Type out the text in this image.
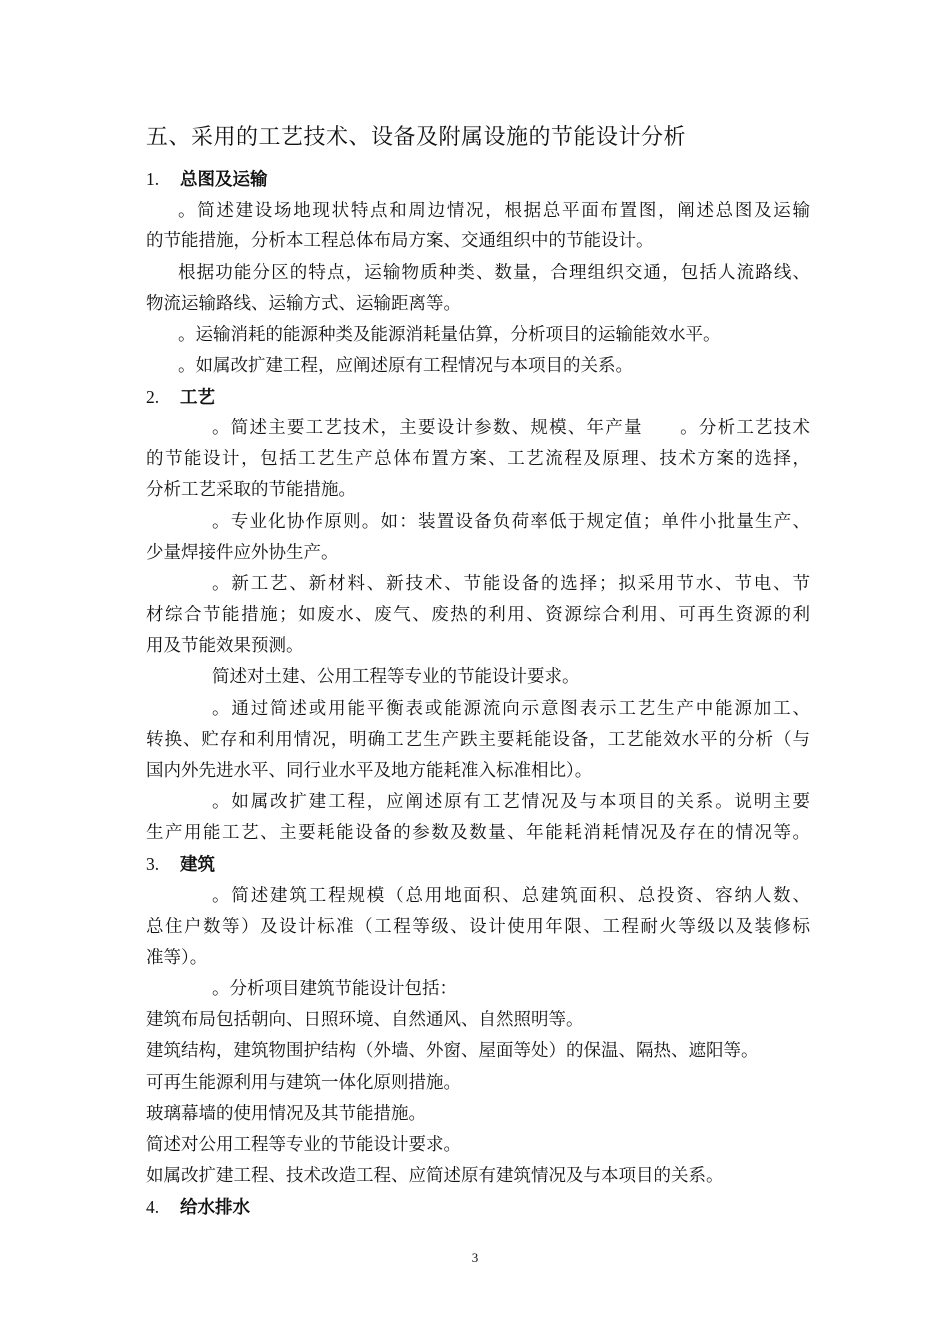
五、采用的工艺技术、设备及附属设施的节能设计分析
1. 总图及运输
。简述建设场地现状特点和周边情况，根据总平面布置图，阐述总图及运输
的节能措施，分析本工程总体布局方案、交通组织中的节能设计。
根据功能分区的特点，运输物质种类、数量，合理组织交通，包括人流路线、
物流运输路线、运输方式、运输距离等。
。运输消耗的能源种类及能源消耗量估算，分析项目的运输能效水平。
。如属改扩建工程，应阐述原有工程情况与本项目的关系。
2. 工艺
。简述主要工艺技术，主要设计参数、规模、年产量　　。分析工艺技术
的节能设计，包括工艺生产总体布置方案、工艺流程及原理、技术方案的选择，
分析工艺采取的节能措施。
。专业化协作原则。如：装置设备负荷率低于规定值；单件小批量生产、
少量焊接件应外协生产。
。新工艺、新材料、新技术、节能设备的选择；拟采用节水、节电、节
材综合节能措施；如废水、废气、废热的利用、资源综合利用、可再生资源的利
用及节能效果预测。
简述对土建、公用工程等专业的节能设计要求。
。通过简述或用能平衡表或能源流向示意图表示工艺生产中能源加工、
转换、贮存和利用情况，明确工艺生产跌主要耗能设备，工艺能效水平的分析（与
国内外先进水平、同行业水平及地方能耗准入标准相比）。
。如属改扩建工程，应阐述原有工艺情况及与本项目的关系。说明主要
生产用能工艺、主要耗能设备的参数及数量、年能耗消耗情况及存在的情况等。
3. 建筑
。简述建筑工程规模（总用地面积、总建筑面积、总投资、容纳人数、
总住户数等）及设计标准（工程等级、设计使用年限、工程耐火等级以及装修标
准等）。
。分析项目建筑节能设计包括：
建筑布局包括朝向、日照环境、自然通风、自然照明等。
建筑结构，建筑物围护结构（外墙、外窗、屋面等处）的保温、隔热、遮阳等。
可再生能源利用与建筑一体化原则措施。
玻璃幕墙的使用情况及其节能措施。
简述对公用工程等专业的节能设计要求。
如属改扩建工程、技术改造工程、应简述原有建筑情况及与本项目的关系。
4. 给水排水
3
